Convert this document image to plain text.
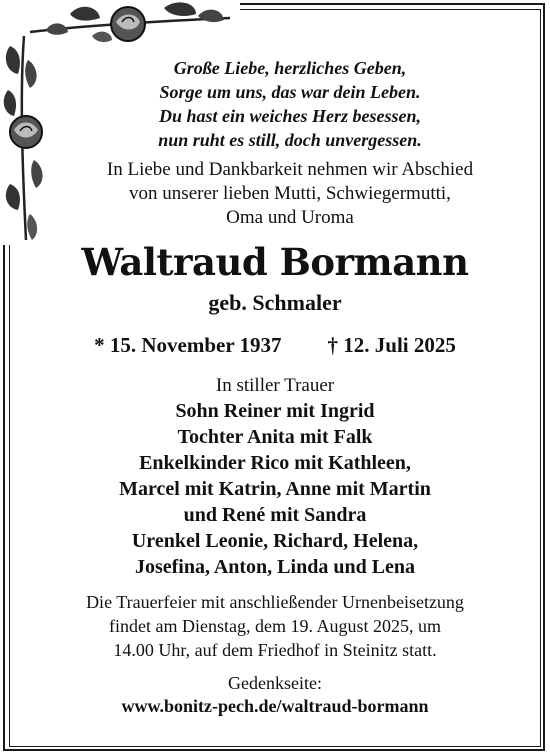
Große Liebe, herzliches Geben,
Sorge um uns, das war dein Leben.
Du hast ein weiches Herz besessen,
nun ruht es still, doch unvergessen.
In Liebe und Dankbarkeit nehmen wir Abschied
von unserer lieben Mutti, Schwiegermutti,
Oma und Uroma
Waltraud Bormann
geb. Schmaler
* 15. November 1937 † 12. Juli 2025
In stiller Trauer
Sohn Reiner mit Ingrid
Tochter Anita mit Falk
Enkelkinder Rico mit Kathleen,
Marcel mit Katrin, Anne mit Martin
und René mit Sandra
Urenkel Leonie, Richard, Helena,
Josefina, Anton, Linda und Lena
Die Trauerfeier mit anschließender Urnenbeisetzung
findet am Dienstag, dem 19. August 2025, um
14.00 Uhr, auf dem Friedhof in Steinitz statt.
Gedenkseite:
www.bonitz-pech.de/waltraud-bormann
